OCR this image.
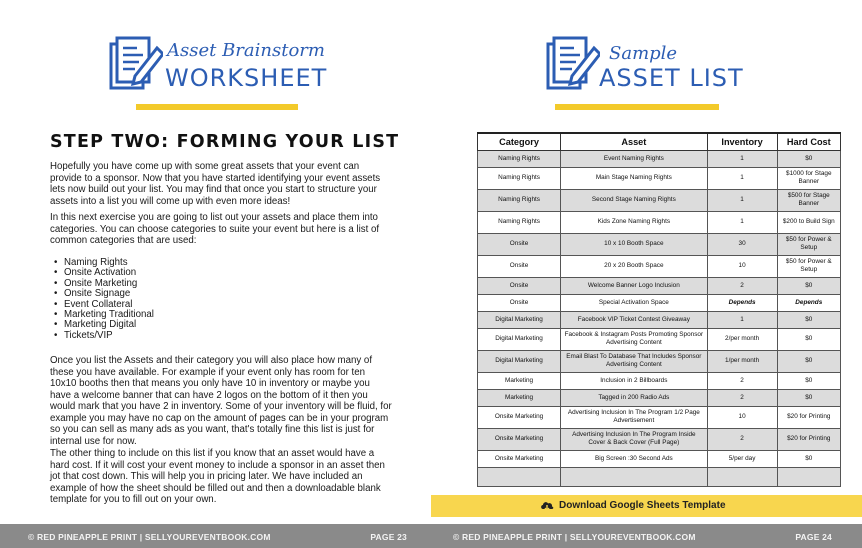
Asset Brainstorm
WORKSHEET
STEP TWO: FORMING YOUR LIST

Hopefully you have come up with some great assets that your event can provide to a sponsor. Now that you have started identifying your event assets lets now build out your list. You may find that once you start to structure your assets into a list you will come up with even more ideas!

In this next exercise you are going to list out your assets and place them into categories. You can choose categories to suite your event but here is a list of common categories that are used:

• Naming Rights
• Onsite Activation
• Onsite Marketing
• Onsite Signage
• Event Collateral
• Marketing Traditional
• Marketing Digital
• Tickets/VIP

Once you list the Assets and their category you will also place how many of these you have available. For example if your event only has room for ten 10x10 booths then that means you only have 10 in inventory or maybe you have a welcome banner that can have 2 logos on the bottom of it then you would mark that you have 2 in inventory. Some of your inventory will be fluid, for example you may have no cap on the amount of pages can be in your program so you can sell as many ads as you want, that's totally fine this list is just for internal use for now.

The other thing to include on this list if you know that an asset would have a hard cost. If it will cost your event money to include a sponsor in an asset then jot that cost down. This will help you in pricing later. We have included an example of how the sheet should be filled out and then a downloadable blank template for you to fill out on your own.

© RED PINEAPPLE PRINT | SELLYOUREVENTBOOK.COM	PAGE 23
Sample
ASSET LIST
Category	Asset	Inventory	Hard Cost
Naming Rights	Event Naming Rights	1	$0
Naming Rights	Main Stage Naming Rights	1	$1000 for Stage Banner
Naming Rights	Second Stage Naming Rights	1	$500 for Stage Banner
Naming Rights	Kids Zone Naming Rights	1	$200 to Build Sign
Onsite	10 x 10 Booth Space	30	$50 for Power & Setup
Onsite	20 x 20 Booth Space	10	$50 for Power & Setup
Onsite	Welcome Banner Logo Inclusion	2	$0
Onsite	Special Activation Space	Depends	Depends
Digital Marketing	Facebook VIP Ticket Contest Giveaway	1	$0
Digital Marketing	Facebook & Instagram Posts Promoting Sponsor Advertising Content	2/per month	$0
Digital Marketing	Email Blast To Database That Includes Sponsor Advertising Content	1/per month	$0
Marketing	Inclusion in 2 Billboards	2	$0
Marketing	Tagged in 200 Radio Ads	2	$0
Onsite Marketing	Advertising Inclusion In The Program 1/2 Page Advertisement	10	$20 for Printing
Onsite Marketing	Advertising Inclusion In The Program Inside Cover & Back Cover (Full Page)	2	$20 for Printing
Onsite Marketing	Big Screen :30 Second Ads	5/per day	$0

Download Google Sheets Template
© RED PINEAPPLE PRINT | SELLYOUREVENTBOOK.COM	PAGE 24
